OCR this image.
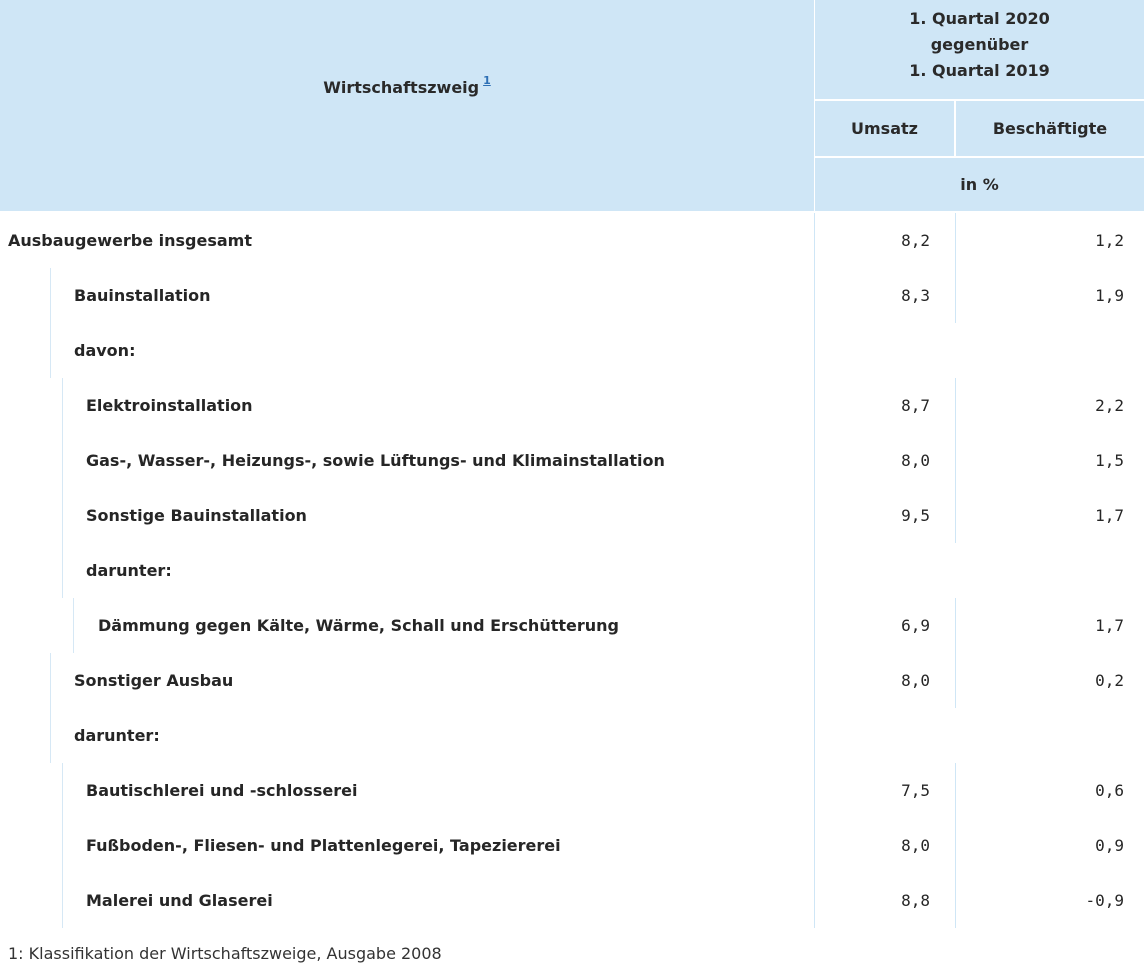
Wirtschaftszweig 1
1. Quartal 2020
gegenüber
1. Quartal 2019
Umsatz	Beschäftigte
in %
Ausbaugewerbe insgesamt	8,2	1,2
Bauinstallation	8,3	1,9
davon:
Elektroinstallation	8,7	2,2
Gas-, Wasser-, Heizungs-, sowie Lüftungs- und Klimainstallation	8,0	1,5
Sonstige Bauinstallation	9,5	1,7
darunter:
Dämmung gegen Kälte, Wärme, Schall und Erschütterung	6,9	1,7
Sonstiger Ausbau	8,0	0,2
darunter:
Bautischlerei und -schlosserei	7,5	0,6
Fußboden-, Fliesen- und Plattenlegerei, Tapeziererei	8,0	0,9
Malerei und Glaserei	8,8	-0,9
1: Klassifikation der Wirtschaftszweige, Ausgabe 2008
